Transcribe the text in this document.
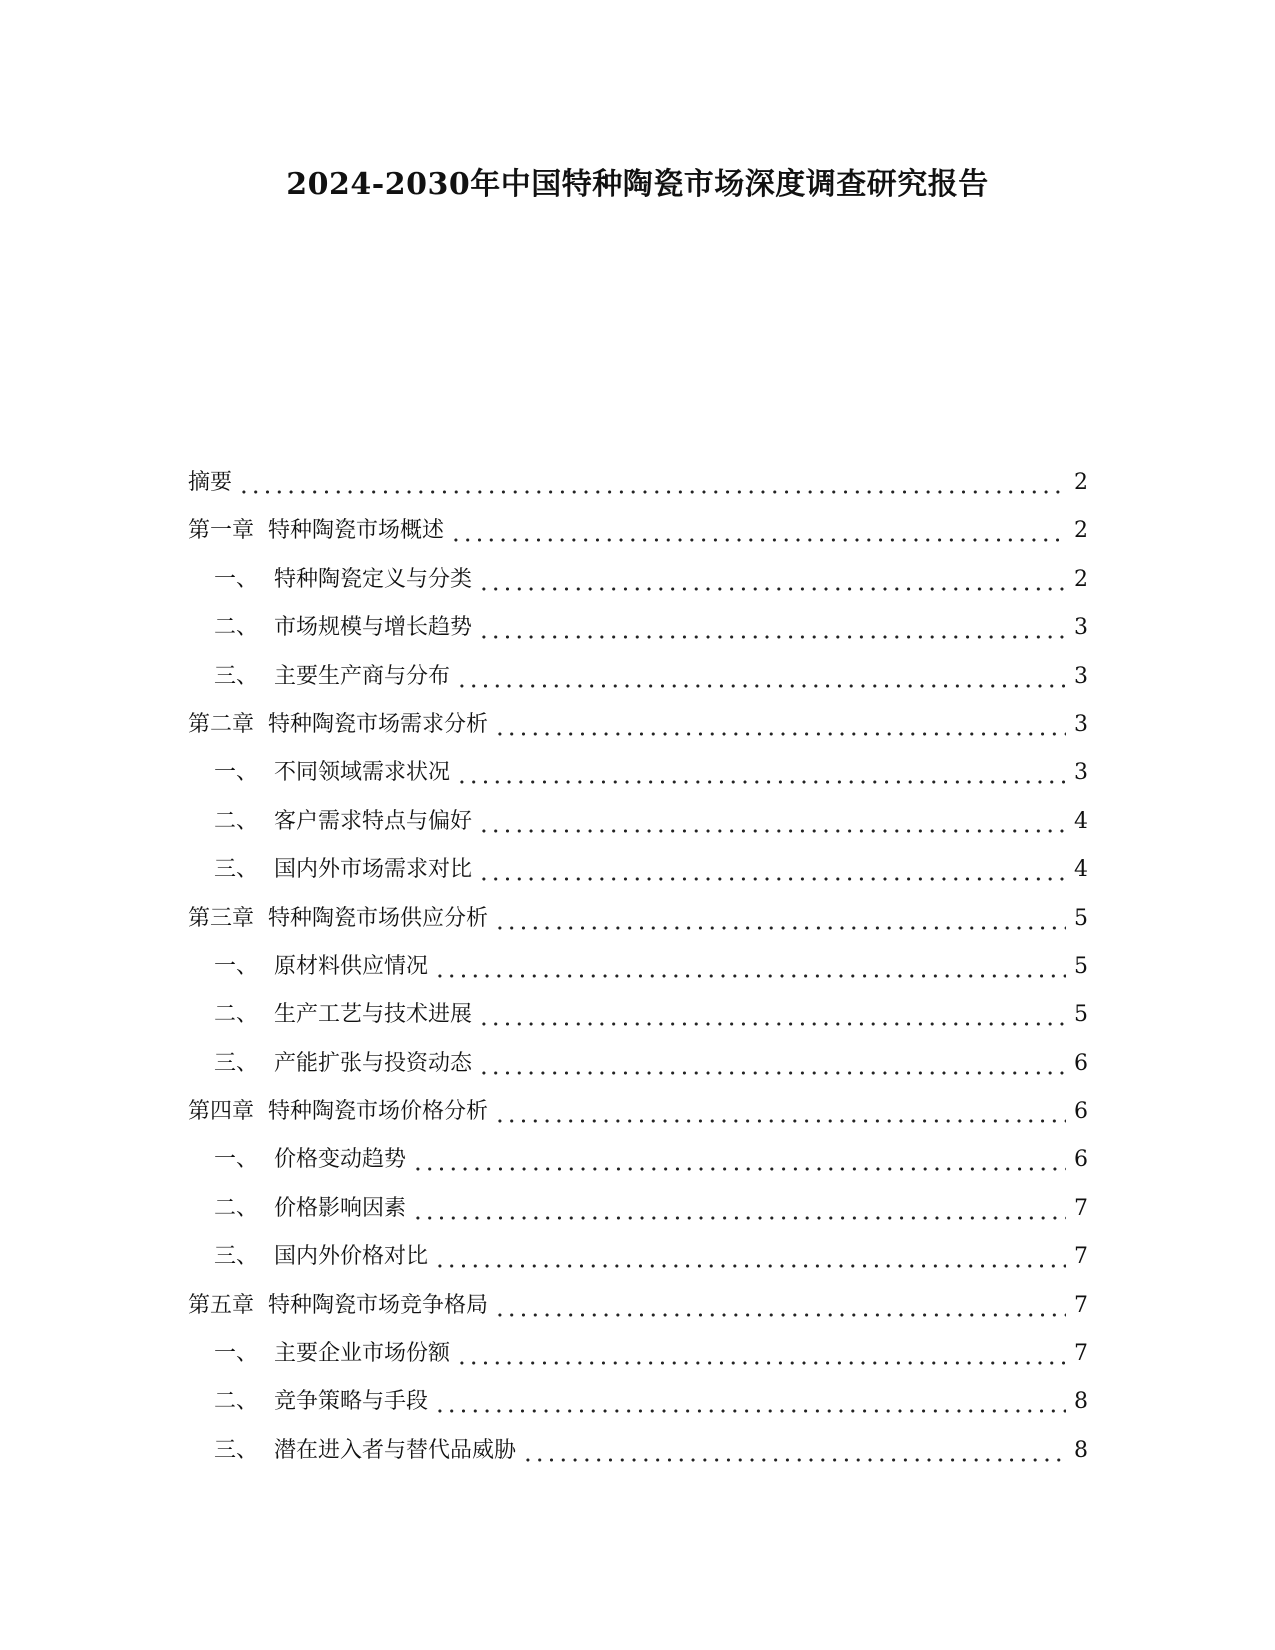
2024-2030年中国特种陶瓷市场深度调查研究报告
摘要	2
第一章 特种陶瓷市场概述	2
一、 特种陶瓷定义与分类	2
二、 市场规模与增长趋势	3
三、 主要生产商与分布	3
第二章 特种陶瓷市场需求分析	3
一、 不同领域需求状况	3
二、 客户需求特点与偏好	4
三、 国内外市场需求对比	4
第三章 特种陶瓷市场供应分析	5
一、 原材料供应情况	5
二、 生产工艺与技术进展	5
三、 产能扩张与投资动态	6
第四章 特种陶瓷市场价格分析	6
一、 价格变动趋势	6
二、 价格影响因素	7
三、 国内外价格对比	7
第五章 特种陶瓷市场竞争格局	7
一、 主要企业市场份额	7
二、 竞争策略与手段	8
三、 潜在进入者与替代品威胁	8
